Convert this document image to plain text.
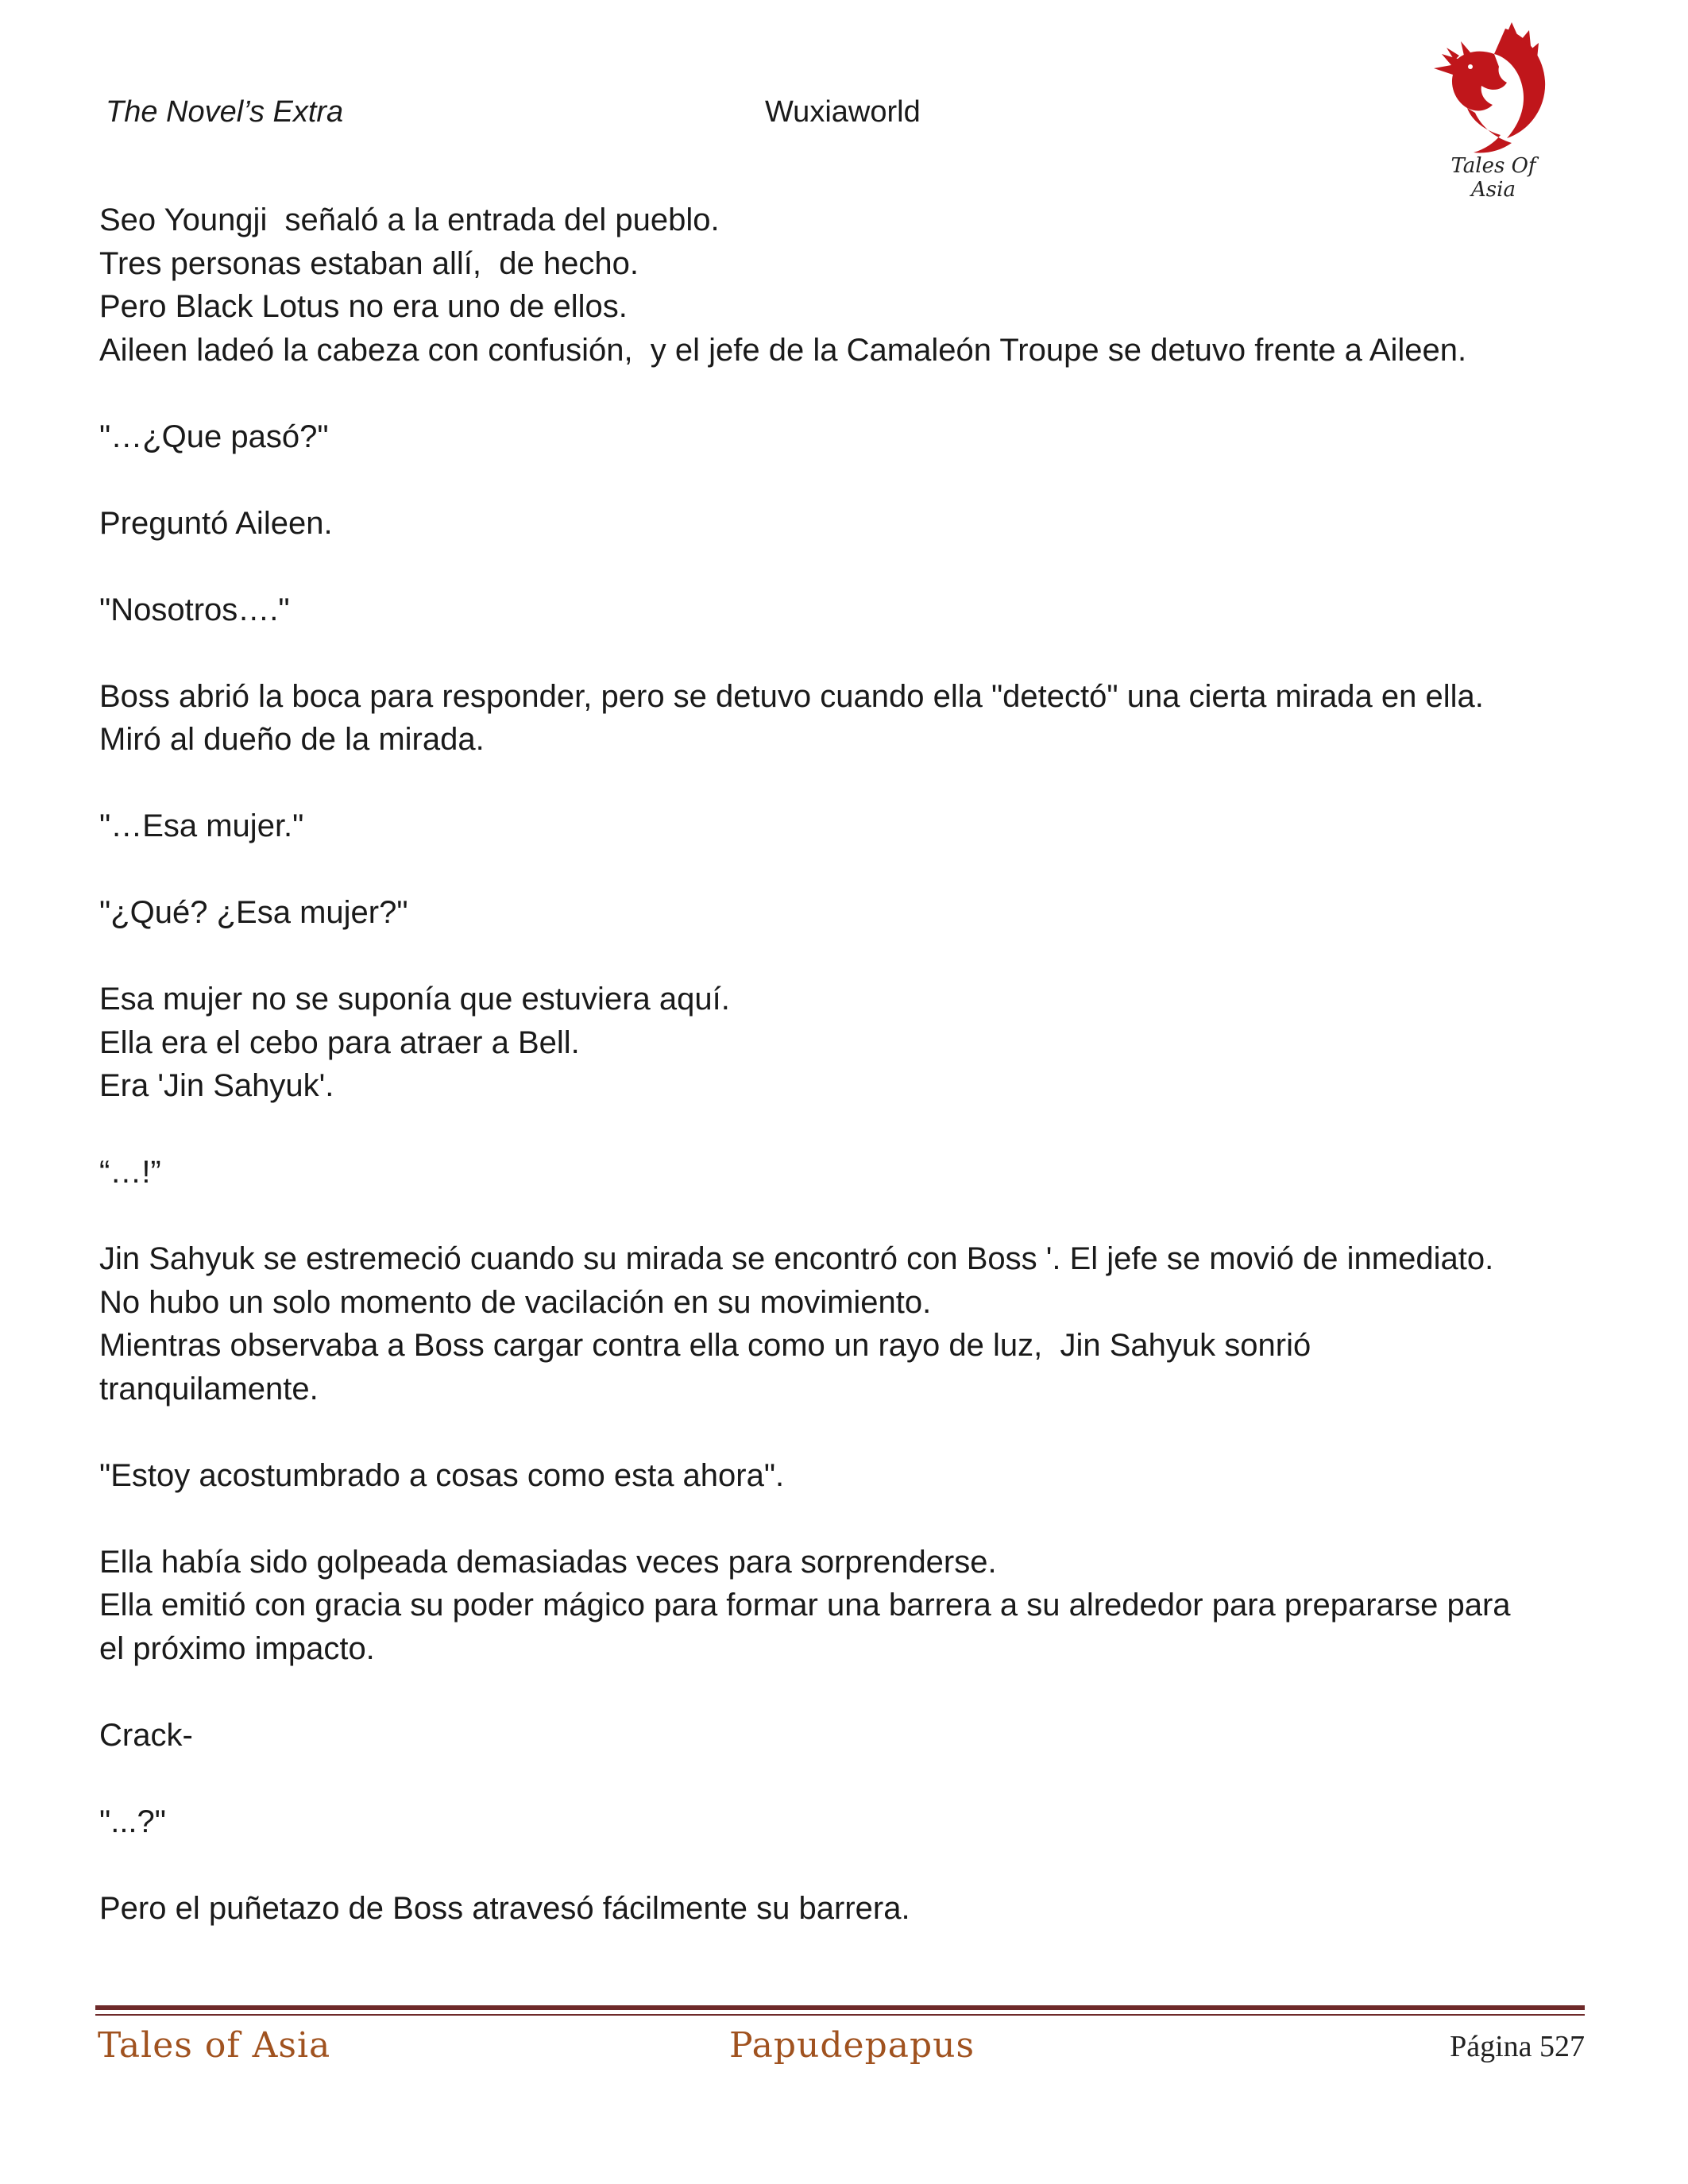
The Novel’s Extra	Wuxiaworld
Tales Of Asia
Seo Youngji  señaló a la entrada del pueblo.
Tres personas estaban allí,  de hecho.
Pero Black Lotus no era uno de ellos.
Aileen ladeó la cabeza con confusión,  y el jefe de la Camaleón Troupe se detuvo frente a Aileen.
"…¿Que pasó?"
Preguntó Aileen.
"Nosotros…."
Boss abrió la boca para responder, pero se detuvo cuando ella "detectó" una cierta mirada en ella.
Miró al dueño de la mirada.
"…Esa mujer."
"¿Qué? ¿Esa mujer?"
Esa mujer no se suponía que estuviera aquí.
Ella era el cebo para atraer a Bell.
Era 'Jin Sahyuk'.
“…!”
Jin Sahyuk se estremeció cuando su mirada se encontró con Boss '. El jefe se movió de inmediato.
No hubo un solo momento de vacilación en su movimiento.
Mientras observaba a Boss cargar contra ella como un rayo de luz,  Jin Sahyuk sonrió
tranquilamente.
"Estoy acostumbrado a cosas como esta ahora".
Ella había sido golpeada demasiadas veces para sorprenderse.
Ella emitió con gracia su poder mágico para formar una barrera a su alrededor para prepararse para
el próximo impacto.
Crack-
"...?"
Pero el puñetazo de Boss atravesó fácilmente su barrera.
Tales of Asia	Papudepapus	Página 527
